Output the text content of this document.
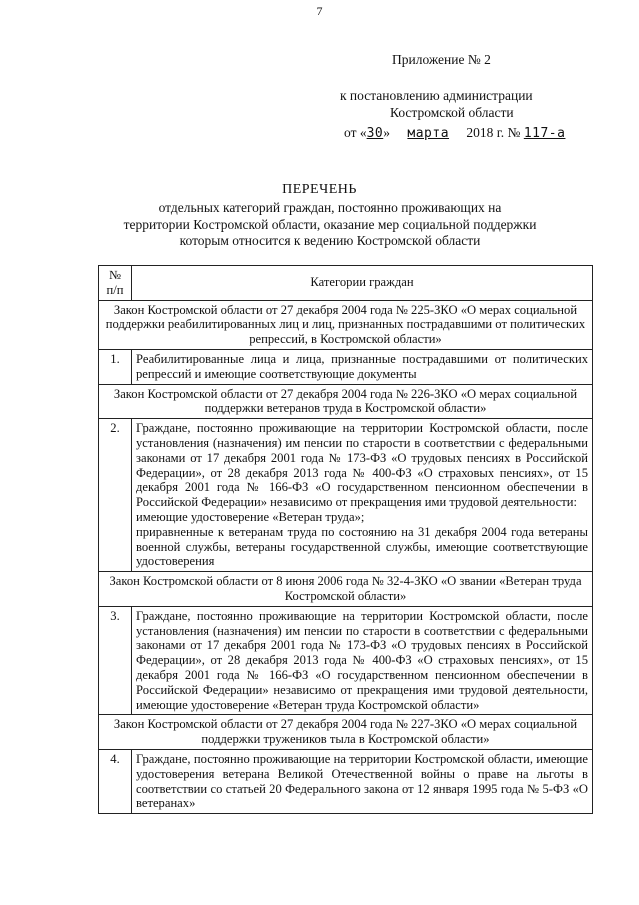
7
Приложение № 2
к постановлению администрации
Костромской области
от «30» марта 2018 г. № 117-а
ПЕРЕЧЕНЬ
отдельных категорий граждан, постоянно проживающих на
территории Костромской области, оказание мер социальной поддержки
которым относится к ведению Костромской области
№
п/п	Категории граждан
Закон Костромской области от 27 декабря 2004 года № 225-ЗКО «О мерах социальной поддержки реабилитированных лиц и лиц, признанных пострадавшими от политических репрессий, в Костромской области»	
1.	Реабилитированные лица и лица, признанные пострадавшими от политических репрессий и имеющие соответствующие документы
Закон Костромской области от 27 декабря 2004 года № 226-ЗКО «О мерах социальной поддержки ветеранов труда в Костромской области»	
2.	Граждане, постоянно проживающие на территории Костромской области, после установления (назначения) им пенсии по старости в соответствии с федеральными законами от 17 декабря 2001 года № 173-ФЗ «О трудовых пенсиях в Российской Федерации», от 28 декабря 2013 года № 400-ФЗ «О страховых пенсиях», от 15 декабря 2001 года № 166-ФЗ «О государственном пенсионном обеспечении в Российской Федерации» независимо от прекращения ими трудовой деятельности:
имеющие удостоверение «Ветеран труда»;
приравненные к ветеранам труда по состоянию на 31 декабря 2004 года ветераны военной службы, ветераны государственной службы, имеющие соответствующие удостоверения

Закон Костромской области от 8 июня 2006 года № 32-4-ЗКО «О звании «Ветеран труда Костромской области»	
3.	Граждане, постоянно проживающие на территории Костромской области, после установления (назначения) им пенсии по старости в соответствии с федеральными законами от 17 декабря 2001 года № 173-ФЗ «О трудовых пенсиях в Российской Федерации», от 28 декабря 2013 года № 400-ФЗ «О страховых пенсиях», от 15 декабря 2001 года № 166-ФЗ «О государственном пенсионном обеспечении в Российской Федерации» независимо от прекращения ими трудовой деятельности, имеющие удостоверение «Ветеран труда Костромской области»
Закон Костромской области от 27 декабря 2004 года № 227-ЗКО «О мерах социальной поддержки тружеников тыла в Костромской области»	
4.	Граждане, постоянно проживающие на территории Костромской области, имеющие удостоверения ветерана Великой Отечественной войны о праве на льготы в соответствии со статьей 20 Федерального закона от 12 января 1995 года № 5-ФЗ «О ветеранах»
